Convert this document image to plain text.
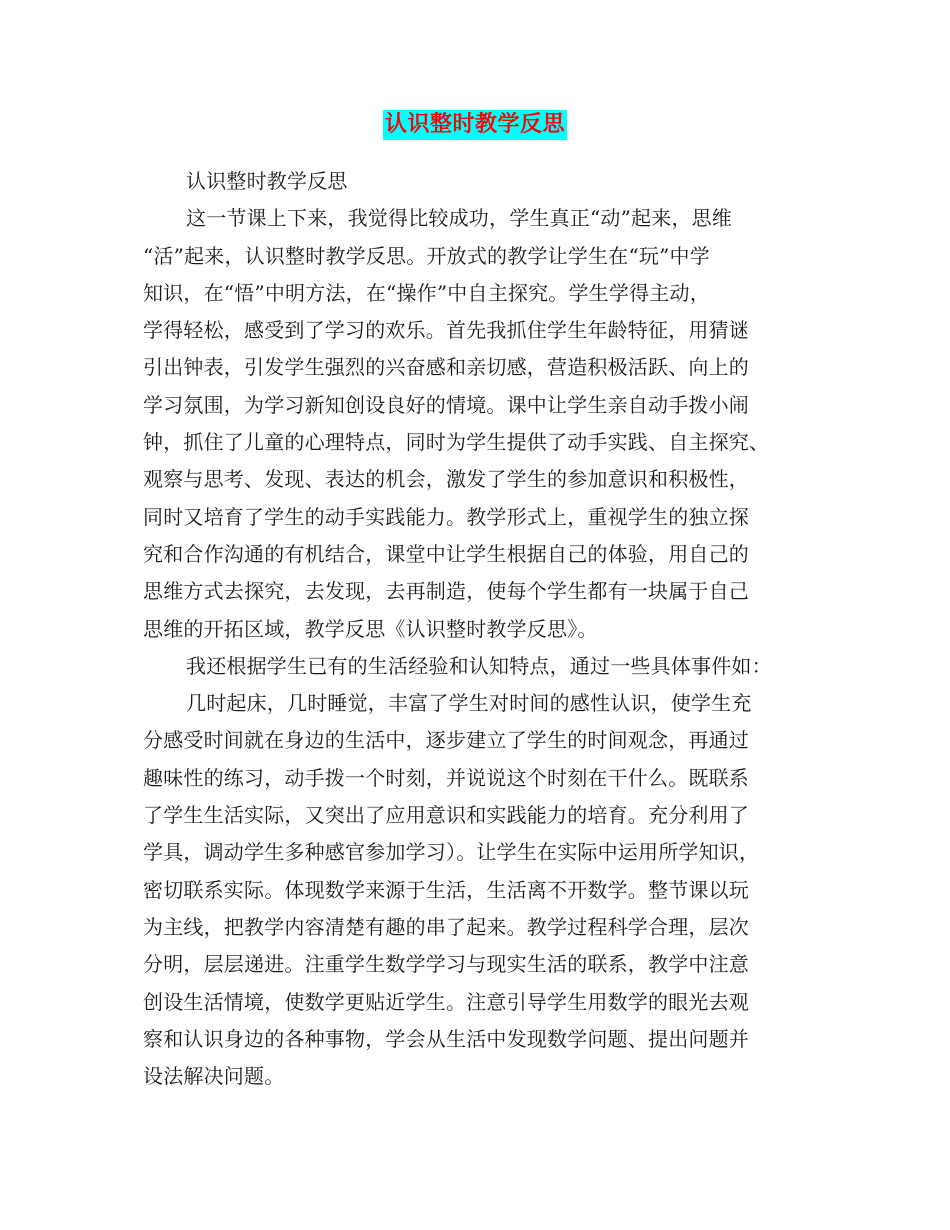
认识整时教学反思
认识整时教学反思
这一节课上下来，我觉得比较成功，学生真正“动”起来，思维
“活”起来，认识整时教学反思。开放式的教学让学生在“玩”中学
知识，在“悟”中明方法，在“操作”中自主探究。学生学得主动，
学得轻松，感受到了学习的欢乐。首先我抓住学生年龄特征，用猜谜
引出钟表，引发学生强烈的兴奋感和亲切感，营造积极活跃、向上的
学习氛围，为学习新知创设良好的情境。课中让学生亲自动手拨小闹
钟，抓住了儿童的心理特点，同时为学生提供了动手实践、自主探究、
观察与思考、发现、表达的机会，激发了学生的参加意识和积极性，
同时又培育了学生的动手实践能力。教学形式上，重视学生的独立探
究和合作沟通的有机结合，课堂中让学生根据自己的体验，用自己的
思维方式去探究，去发现，去再制造，使每个学生都有一块属于自己
思维的开拓区域，教学反思《认识整时教学反思》。
我还根据学生已有的生活经验和认知特点，通过一些具体事件如：
几时起床，几时睡觉，丰富了学生对时间的感性认识，使学生充
分感受时间就在身边的生活中，逐步建立了学生的时间观念，再通过
趣味性的练习，动手拨一个时刻，并说说这个时刻在干什么。既联系
了学生生活实际，又突出了应用意识和实践能力的培育。充分利用了
学具，调动学生多种感官参加学习）。让学生在实际中运用所学知识，
密切联系实际。体现数学来源于生活，生活离不开数学。整节课以玩
为主线，把教学内容清楚有趣的串了起来。教学过程科学合理，层次
分明，层层递进。注重学生数学学习与现实生活的联系，教学中注意
创设生活情境，使数学更贴近学生。注意引导学生用数学的眼光去观
察和认识身边的各种事物，学会从生活中发现数学问题、提出问题并
设法解决问题。
